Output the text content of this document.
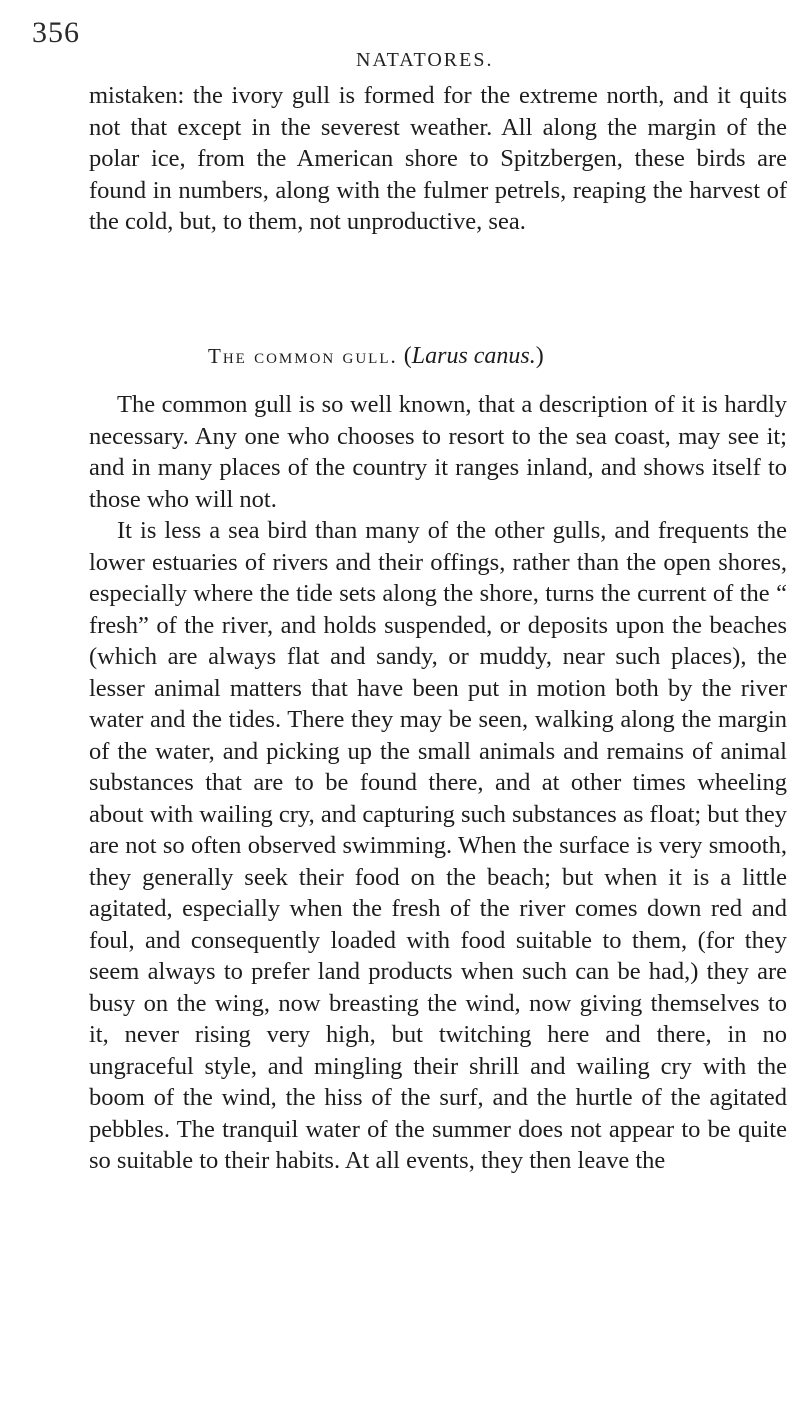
356
NATATORES.

mistaken: the ivory gull is formed for the extreme north, and it quits not that except in the severest weather. All along the margin of the polar ice, from the American shore to Spitzbergen, these birds are found in numbers, along with the fulmer petrels, reaping the harvest of the cold, but, to them, not unproductive, sea.

The common gull. (Larus canus.)

The common gull is so well known, that a description of it is hardly necessary. Any one who chooses to resort to the sea coast, may see it; and in many places of the country it ranges inland, and shows itself to those who will not.

It is less a sea bird than many of the other gulls, and frequents the lower estuaries of rivers and their offings, rather than the open shores, especially where the tide sets along the shore, turns the current of the “ fresh” of the river, and holds suspended, or deposits upon the beaches (which are always flat and sandy, or muddy, near such places), the lesser animal matters that have been put in motion both by the river water and the tides. There they may be seen, walking along the margin of the water, and picking up the small animals and remains of animal substances that are to be found there, and at other times wheeling about with wailing cry, and capturing such substances as float; but they are not so often observed swimming. When the surface is very smooth, they generally seek their food on the beach; but when it is a little agitated, especially when the fresh of the river comes down red and foul, and consequently loaded with food suitable to them, (for they seem always to prefer land products when such can be had,) they are busy on the wing, now breasting the wind, now giving themselves to it, never rising very high, but twitching here and there, in no ungraceful style, and mingling their shrill and wailing cry with the boom of the wind, the hiss of the surf, and the hurtle of the agitated pebbles. The tranquil water of the summer does not appear to be quite so suitable to their habits. At all events, they then leave the
